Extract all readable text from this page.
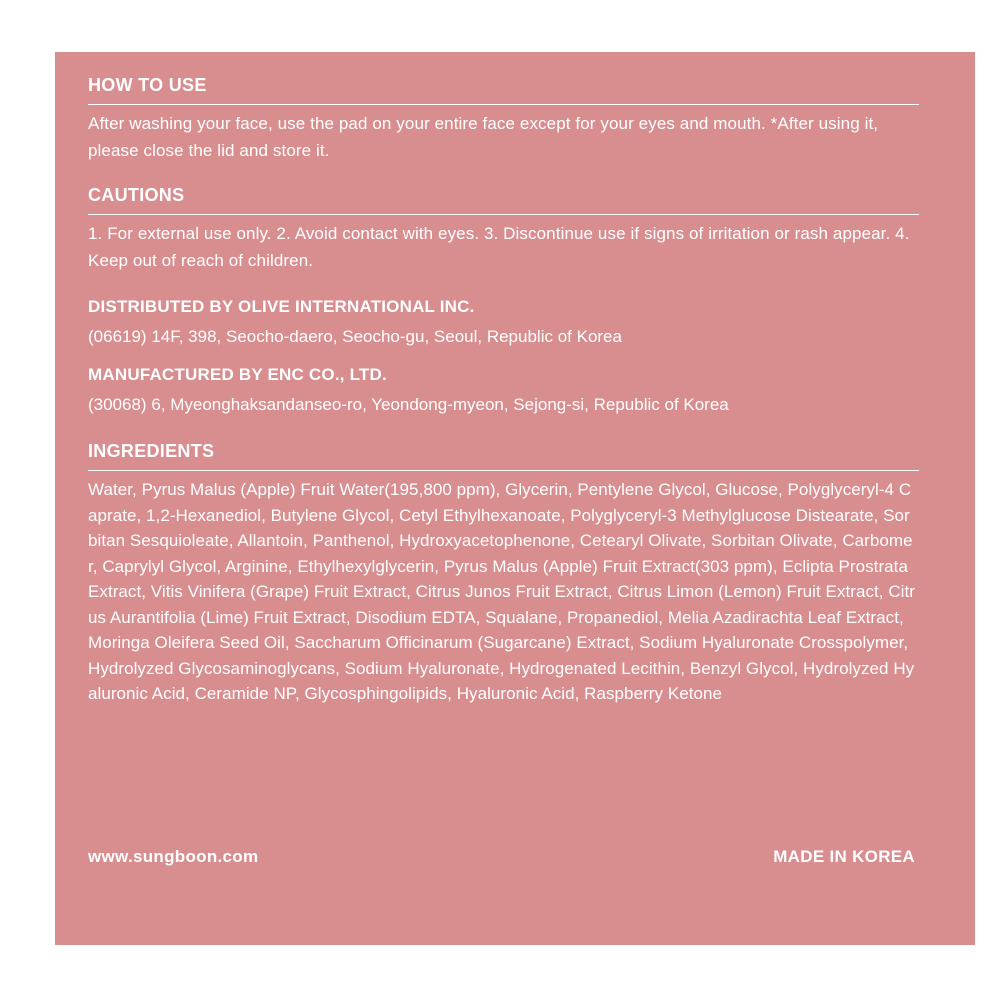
HOW TO USE

After washing your face, use the pad on your entire face except for your eyes and mouth. *After using it, please close the lid and store it.

CAUTIONS

1. For external use only. 2. Avoid contact with eyes. 3. Discontinue use if signs of irritation or rash appear. 4. Keep out of reach of children.

DISTRIBUTED BY OLIVE INTERNATIONAL INC.

(06619) 14F, 398, Seocho-daero, Seocho-gu, Seoul, Republic of Korea

MANUFACTURED BY ENC CO., LTD.

(30068) 6, Myeonghaksandanseo-ro, Yeondong-myeon, Sejong-si, Republic of Korea

INGREDIENTS

Water, Pyrus Malus (Apple) Fruit Water(195,800 ppm), Glycerin, Pentylene Glycol, Glucose, Polyglyceryl-4 Caprate, 1,2-Hexanediol, Butylene Glycol, Cetyl Ethylhexanoate, Polyglyceryl-3 Methylglucose Distearate, Sorbitan Sesquioleate, Allantoin, Panthenol, Hydroxyacetophenone, Cetearyl Olivate, Sorbitan Olivate, Carbomer, Caprylyl Glycol, Arginine, Ethylhexylglycerin, Pyrus Malus (Apple) Fruit Extract(303 ppm), Eclipta Prostrata Extract, Vitis Vinifera (Grape) Fruit Extract, Citrus Junos Fruit Extract, Citrus Limon (Lemon) Fruit Extract, Citrus Aurantifolia (Lime) Fruit Extract, Disodium EDTA, Squalane, Propanediol, Melia Azadirachta Leaf Extract, Moringa Oleifera Seed Oil, Saccharum Officinarum (Sugarcane) Extract, Sodium Hyaluronate Crosspolymer, Hydrolyzed Glycosaminoglycans, Sodium Hyaluronate, Hydrogenated Lecithin, Benzyl Glycol, Hydrolyzed Hyaluronic Acid, Ceramide NP, Glycosphingolipids, Hyaluronic Acid, Raspberry Ketone

www.sungboon.com	MADE IN KOREA
